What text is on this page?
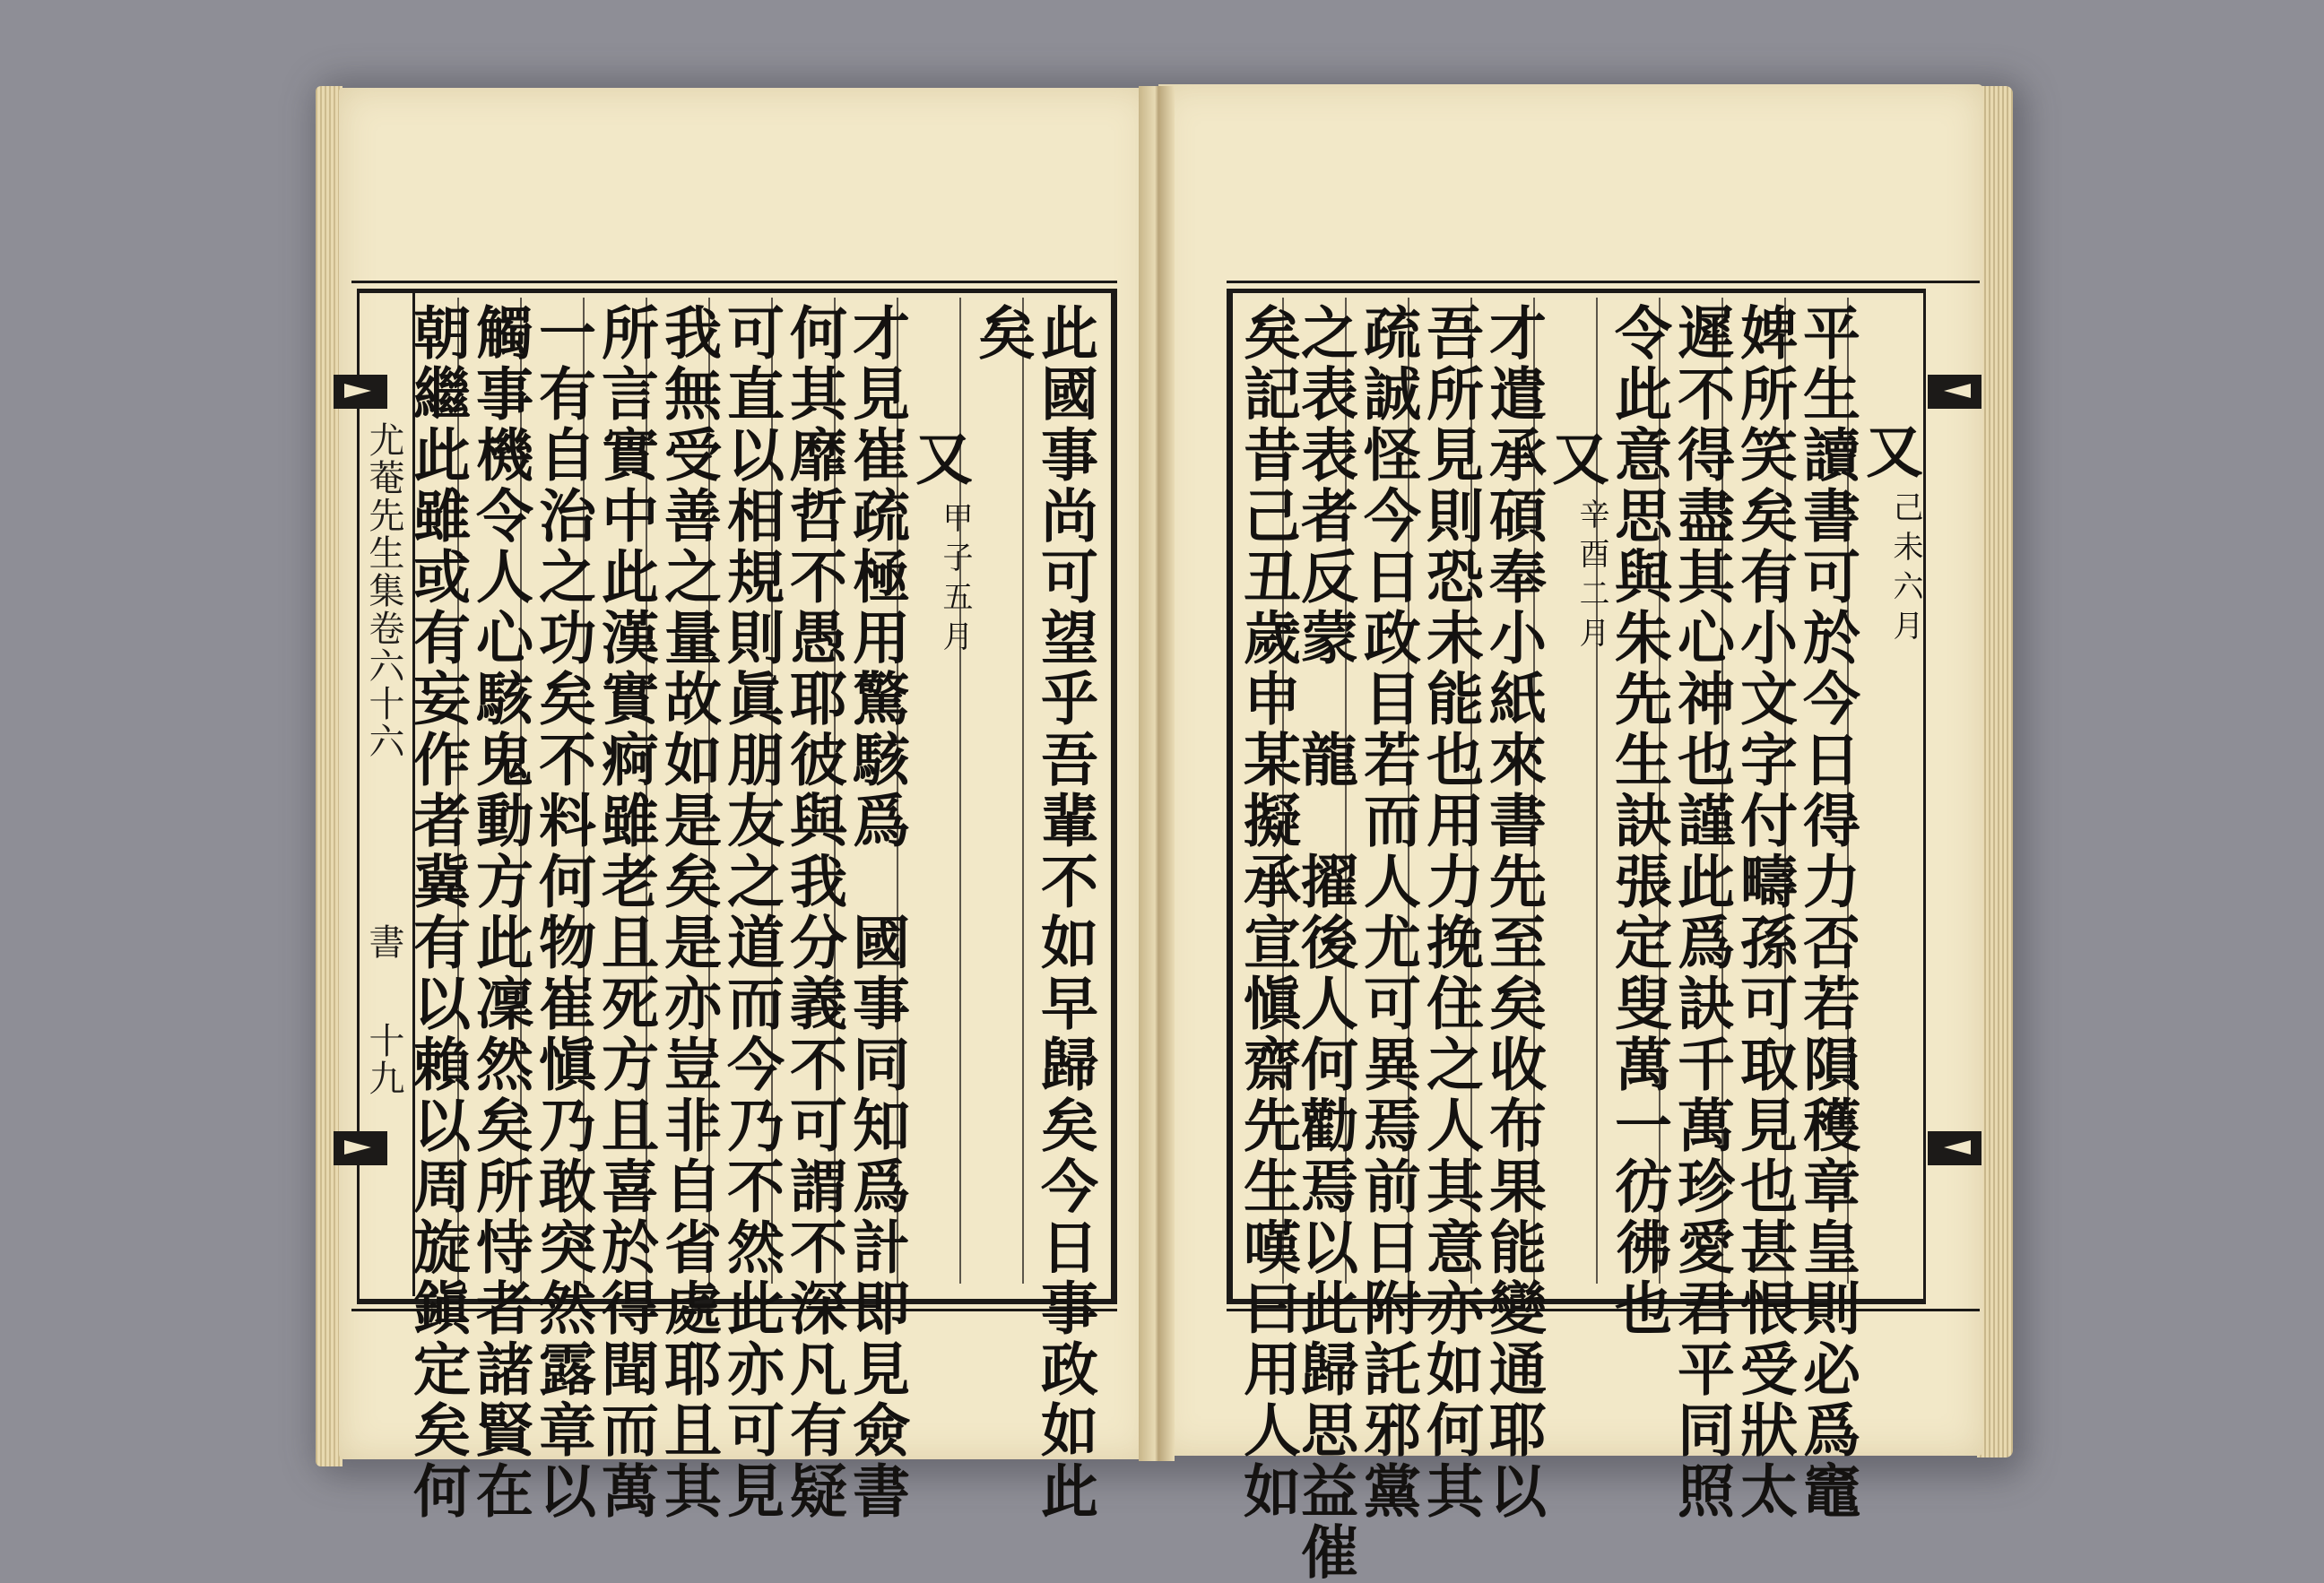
尤菴先生集卷六十六
書
十九	此國事尚可望乎吾輩不如早歸矣今日事政如此
矣
又
甲子五月
才見崔疏極用驚駭爲　國事同知爲計即見僉書
何其靡哲不愚耶彼與我分義不可謂不深凡有疑
可直以相規則眞朋友之道而今乃不然此亦可見
我無受善之量故如是矣是亦豈非自省處耶且其
所言實中此漢實痾雖老且死方且喜於得聞而萬
一有自治之功矣不料何物崔愼乃敢突然露章以
觸事機令人心駭鬼動方此凜然矣所恃者諸賢在
朝繼此雖或有妄作者冀有以賴以周旋鎭定矣何	又
己未六月
平生讀書可於今日得力否若隕穫章皇則必爲竈
婢所笑矣有小文字付疇孫可取見也甚恨受狀太
遲不得盡其心神也謹此爲訣千萬珍愛君平同照
令此意思與朱先生訣張定叟萬一彷彿也
又
辛酉二月
才遣承碩奉小紙來書先至矣收布果能變通耶以
吾所見則恐未能也用力挽住之人其意亦如何其
疏誠怪今日政目若而人尤可異焉前日附託邪黨
之表表者反蒙　龍　擢後人何勸焉以此歸思益催
矣記昔己丑歲申某擬承宣愼齋先生嘆曰用人如
